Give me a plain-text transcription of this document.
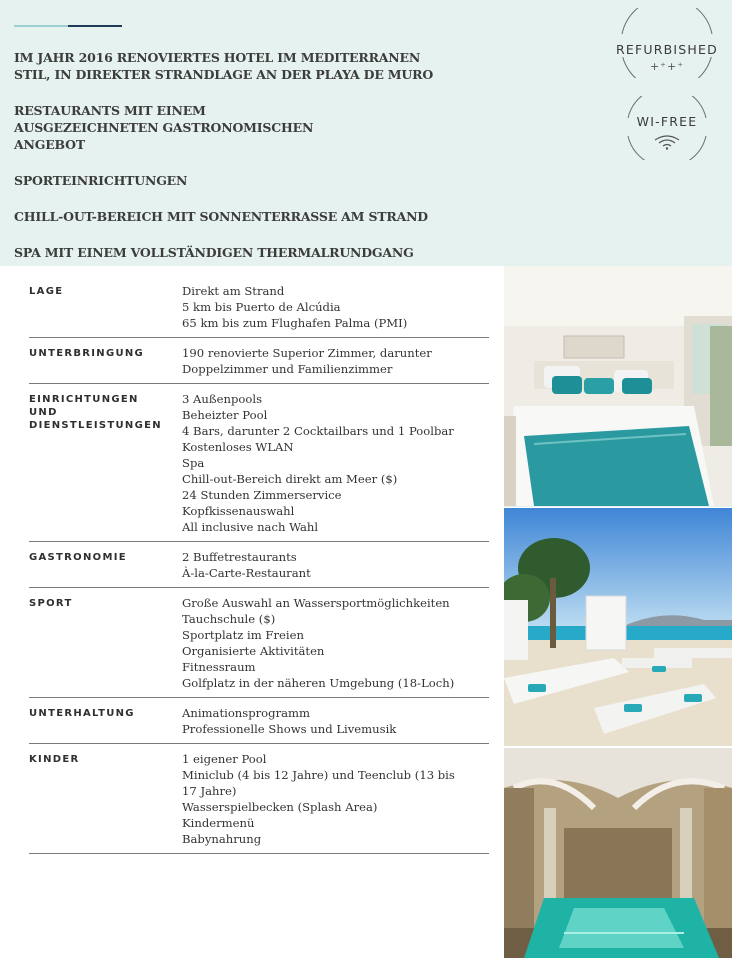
IM JAHR 2016 RENOVIERTES HOTEL IM MEDITERRANEN STIL, IN DIREKTER STRANDLAGE AN DER PLAYA DE MURO
RESTAURANTS MIT EINEM AUSGEZEICHNETEN GASTRONOMISCHEN ANGEBOT
SPORTEINRICHTUNGEN
CHILL-OUT-BEREICH MIT SONNENTERRASSE AM STRAND
SPA MIT EINEM VOLLSTÄNDIGEN THERMALRUNDGANG
REFURBISHED
+⁺+⁺
WI-FREE
LAGE	Direkt am Strand
5 km bis Puerto de Alcúdia
65 km bis zum Flughafen Palma (PMI)
UNTERBRINGUNG	190 renovierte Superior Zimmer, darunter Doppelzimmer und Familienzimmer
EINRICHTUNGEN UND DIENSTLEISTUNGEN
3 Außenpools
Beheizter Pool
4 Bars, darunter 2 Cocktailbars und 1 Poolbar
Kostenloses WLAN
Spa
Chill-out-Bereich direkt am Meer ($)
24 Stunden Zimmerservice
Kopfkissenauswahl
All inclusive nach Wahl
GASTRONOMIE	2 Buffetrestaurants
À-la-Carte-Restaurant
SPORT	Große Auswahl an Wassersportmöglichkeiten
Tauchschule ($)
Sportplatz im Freien
Organisierte Aktivitäten
Fitnessraum
Golfplatz in der näheren Umgebung (18-Loch)
UNTERHALTUNG	Animationsprogramm
Professionelle Shows und Livemusik
KINDER	1 eigener Pool
Miniclub (4 bis 12 Jahre) und Teenclub (13 bis 17 Jahre)
Wasserspielbecken (Splash Area)
Kindermenü
Babynahrung
